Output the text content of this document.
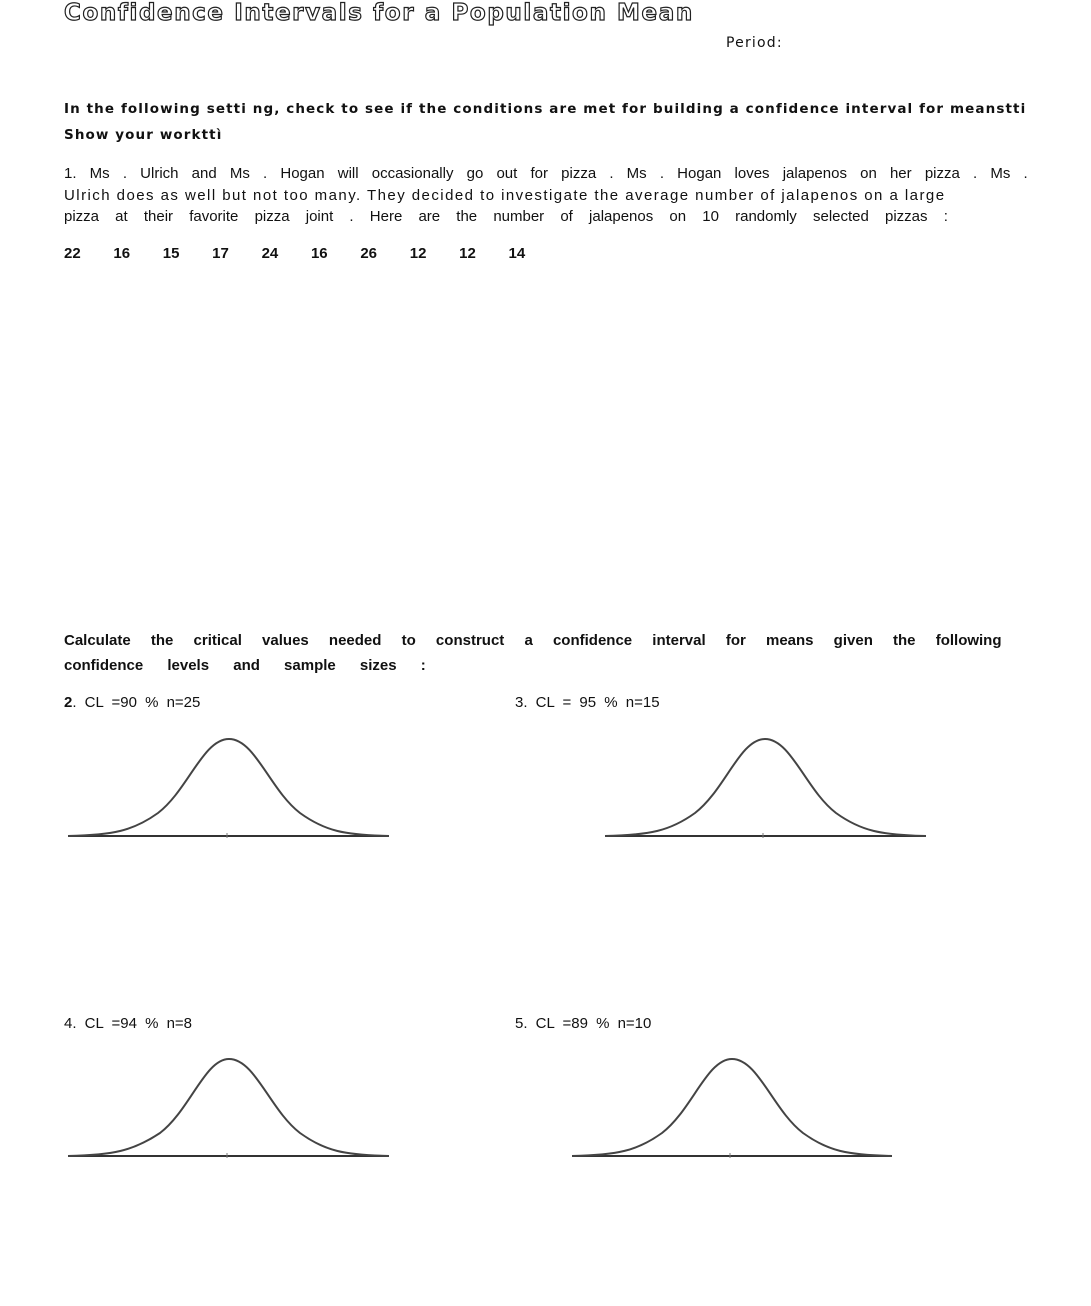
Confidence Intervals for a Population Mean
Period:
In the following setti ng, check to see if the conditions are met for building a confidence interval for meanstti Show your workttì
1. Ms . Ulrich and Ms . Hogan will occasionally go out for pizza . Ms . Hogan loves jalapenos on her pizza . Ms .
Ulrich does as well but not too many. They decided to investigate the average number of jalapenos on a large
pizza at their favorite pizza joint . Here are the number of jalapenos on 10 randomly selected pizzas :
22	16	15	17	24	16	26	12	12	14
Calculate the critical values needed to construct a confidence interval for means given the following
confidence levels and sample sizes :
2. CL =90 % n=25	3. CL = 95 % n=15
4. CL =94 % n=8	5. CL =89 % n=10
